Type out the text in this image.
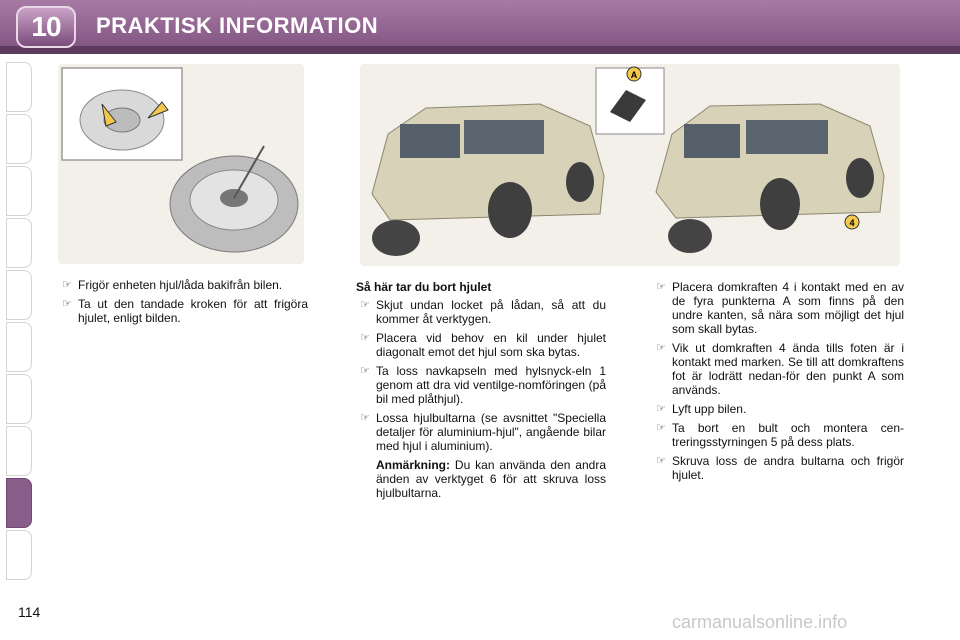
10 PRAKTISK INFORMATION
A
4
☞ Frigör enheten hjul/låda bakifrån bilen.
☞ Ta ut den tandade kroken för att frigöra hjulet, enligt bilden.
Så här tar du bort hjulet
☞ Skjut undan locket på lådan, så att du kommer åt verktygen.
☞ Placera vid behov en kil under hjulet diagonalt emot det hjul som ska bytas.
☞ Ta loss navkapseln med hylsnyck-eln 1 genom att dra vid ventilge-nomföringen (på bil med plåthjul).
☞ Lossa hjulbultarna (se avsnittet "Speciella detaljer för aluminium-hjul", angående bilar med hjul i aluminium).
Anmärkning: Du kan använda den andra änden av verktyget 6 för att skruva loss hjulbultarna.
☞ Placera domkraften 4 i kontakt med en av de fyra punkterna A som finns på den undre kanten, så nära som möjligt det hjul som skall bytas.
☞ Vik ut domkraften 4 ända tills foten är i kontakt med marken. Se till att domkraftens fot är lodrätt nedan-för den punkt A som används.
☞ Lyft upp bilen.
☞ Ta bort en bult och montera cen-treringsstyrningen 5 på dess plats.
☞ Skruva loss de andra bultarna och frigör hjulet.
114	carmanualsonline.info
